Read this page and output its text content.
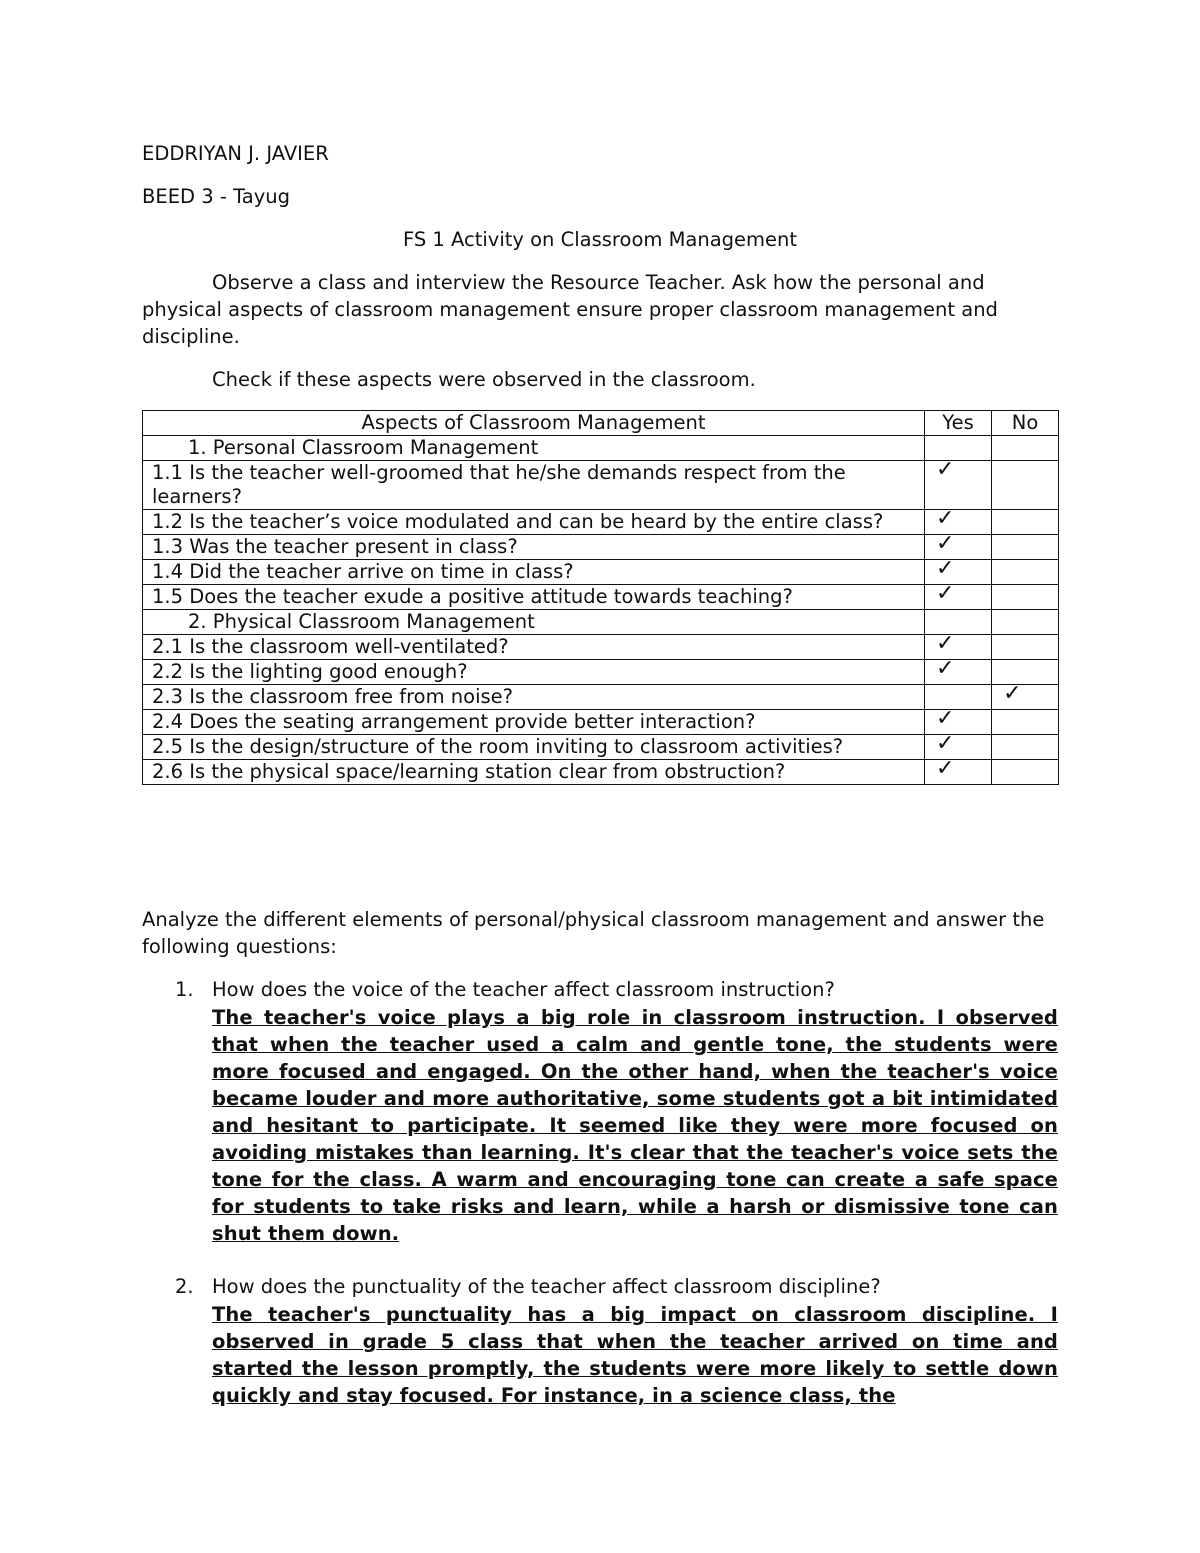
EDDRIYAN J. JAVIER
BEED 3 - Tayug
FS 1 Activity on Classroom Management
Observe a class and interview the Resource Teacher. Ask how the personal and physical aspects of classroom management ensure proper classroom management and discipline.
Check if these aspects were observed in the classroom.
Aspects of Classroom Management	Yes	No
1. Personal Classroom Management		
1.1 Is the teacher well-groomed that he/she demands respect from the learners?	✓	
1.2 Is the teacher’s voice modulated and can be heard by the entire class?	✓	
1.3 Was the teacher present in class?	✓	
1.4 Did the teacher arrive on time in class?	✓	
1.5 Does the teacher exude a positive attitude towards teaching?	✓	
2. Physical Classroom Management		
2.1 Is the classroom well-ventilated?	✓	
2.2 Is the lighting good enough?	✓	
2.3 Is the classroom free from noise?		✓
2.4 Does the seating arrangement provide better interaction?	✓	
2.5 Is the design/structure of the room inviting to classroom activities?	✓	
2.6 Is the physical space/learning station clear from obstruction?	✓	
Analyze the different elements of personal/physical classroom management and answer the following questions:
1. How does the voice of the teacher affect classroom instruction?
The teacher's voice plays a big role in classroom instruction. I observed that when the teacher used a calm and gentle tone, the students were more focused and engaged. On the other hand, when the teacher's voice became louder and more authoritative, some students got a bit intimidated and hesitant to participate. It seemed like they were more focused on avoiding mistakes than learning. It's clear that the teacher's voice sets the tone for the class. A warm and encouraging tone can create a safe space for students to take risks and learn, while a harsh or dismissive tone can shut them down.
2. How does the punctuality of the teacher affect classroom discipline?
The teacher's punctuality has a big impact on classroom discipline. I observed in grade 5 class that when the teacher arrived on time and started the lesson promptly, the students were more likely to settle down quickly and stay focused. For instance, in a science class, the
